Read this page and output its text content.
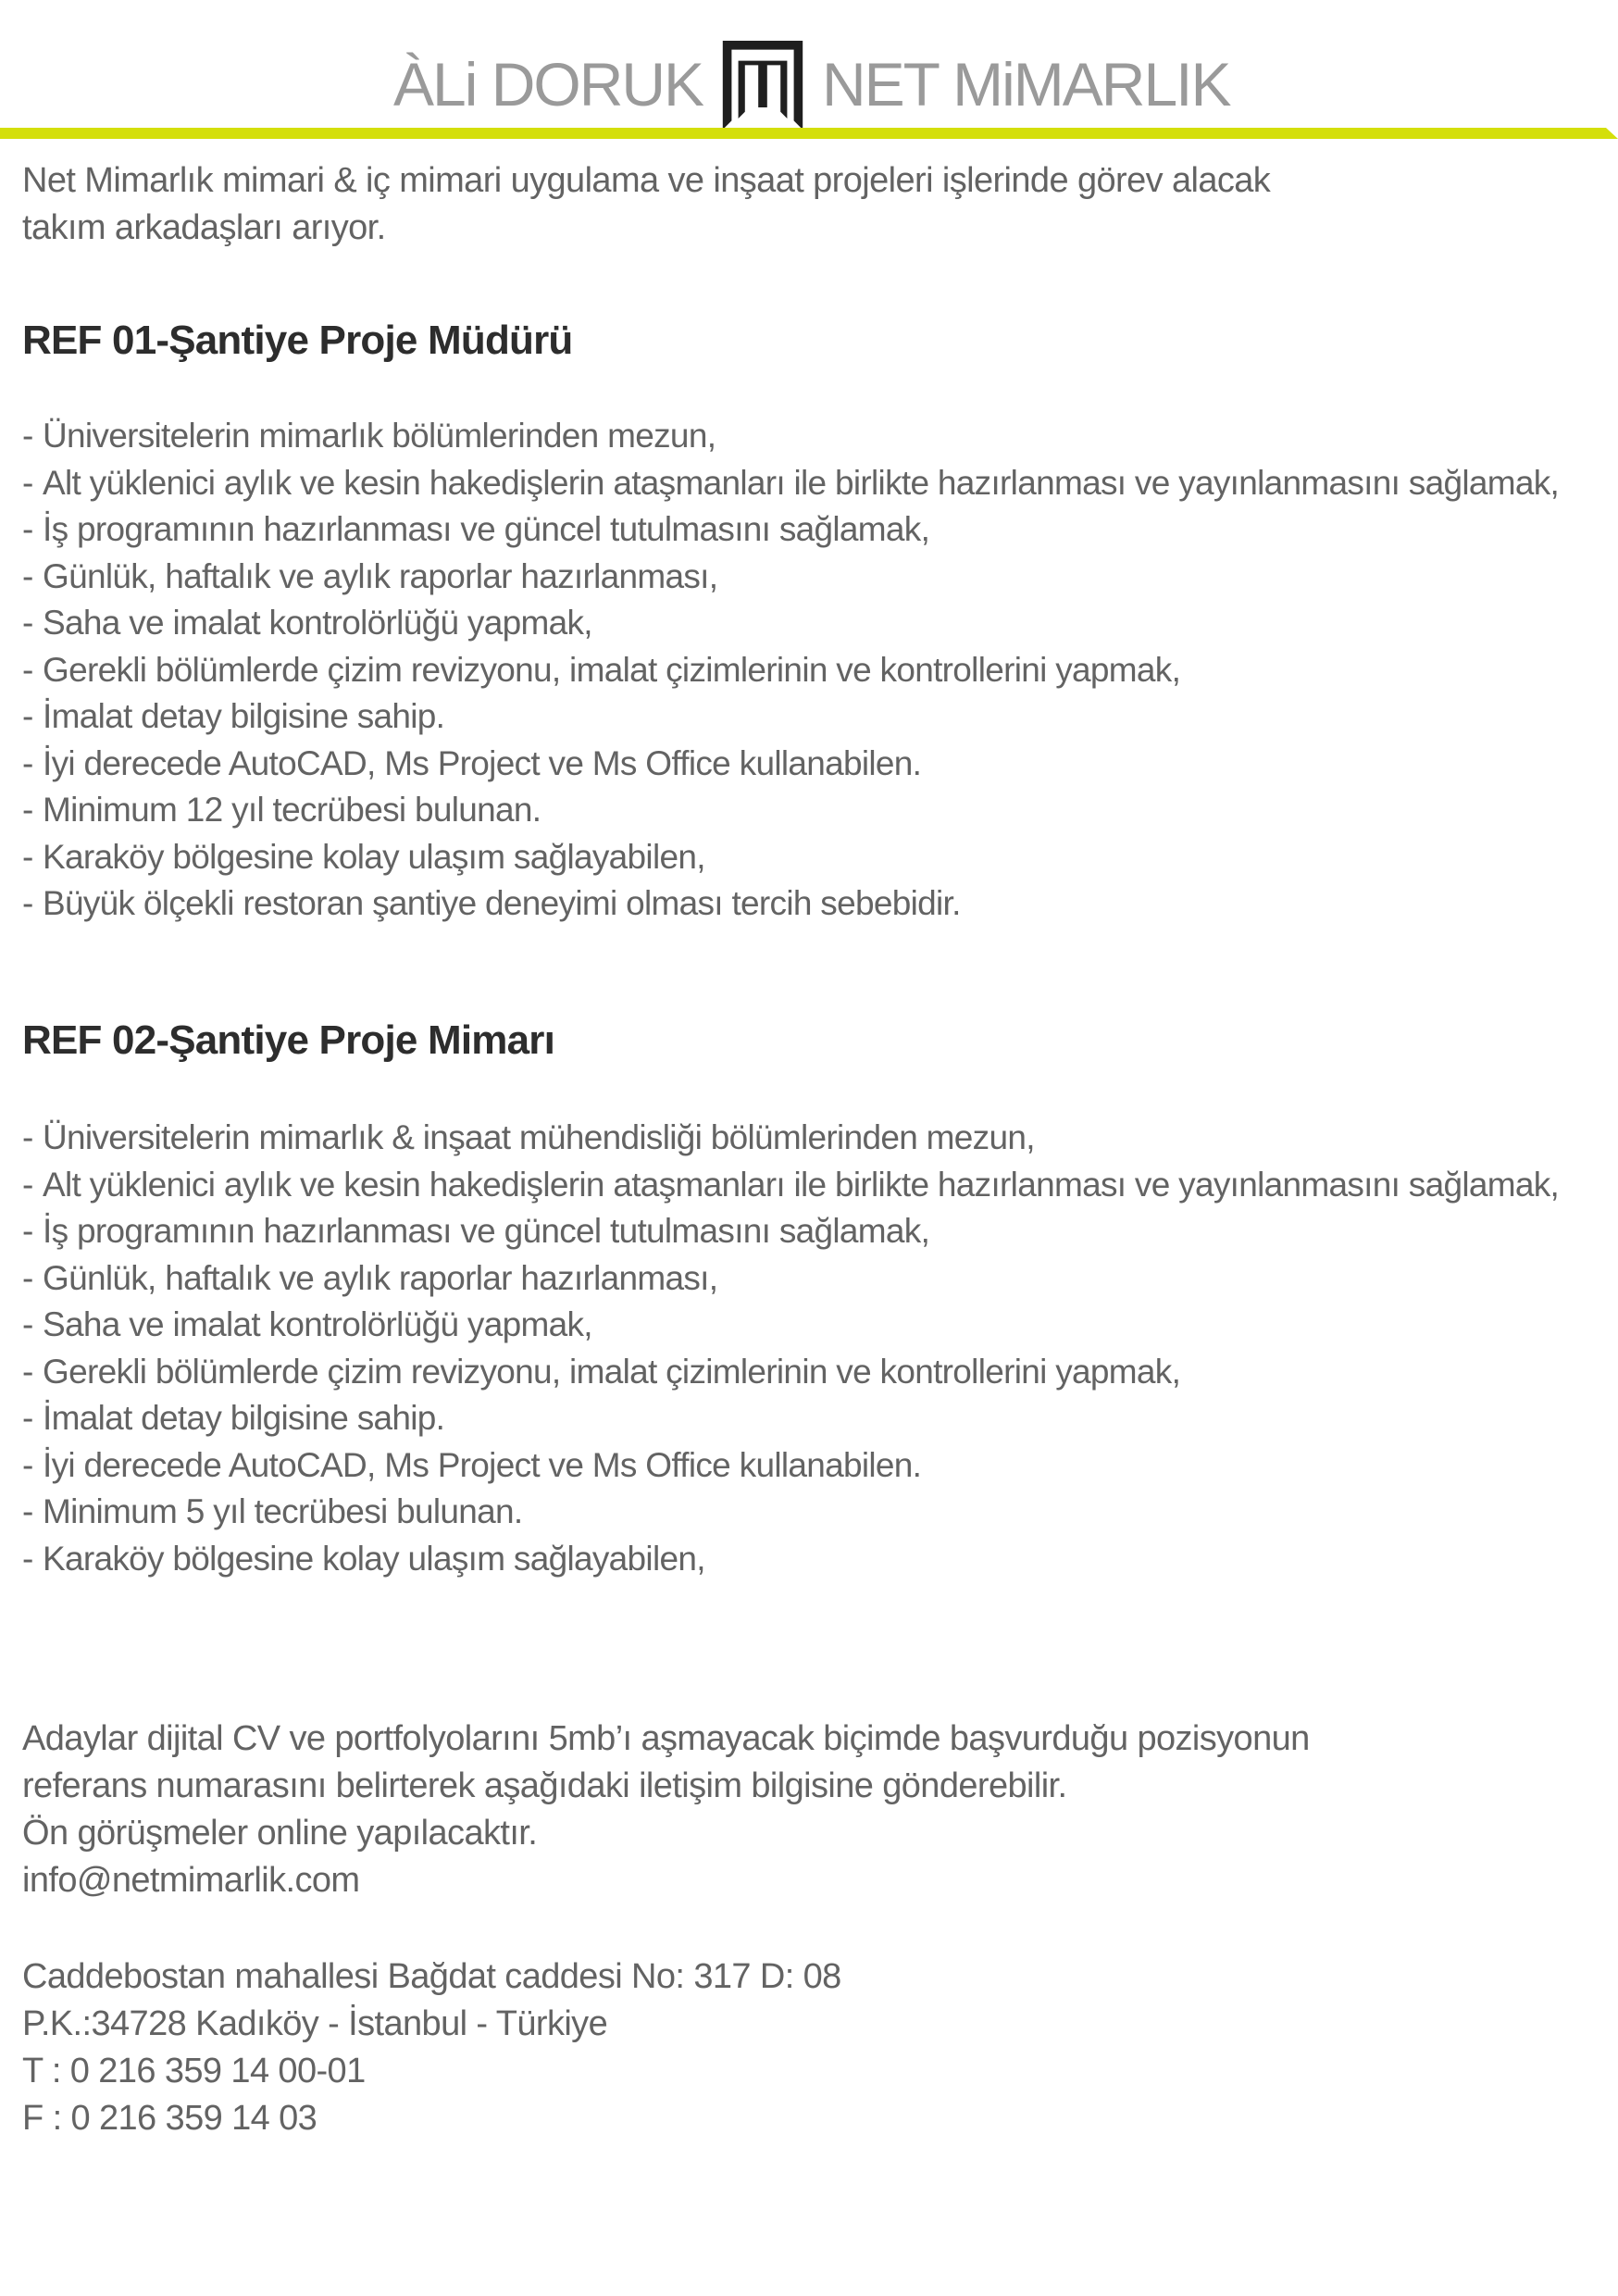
ÀLi DORUK NET MiMARLIK

Net Mimarlık mimari & iç mimari uygulama ve inşaat projeleri işlerinde görev alacak

takım arkadaşları arıyor.

REF 01-Şantiye Proje Müdürü
- Üniversitelerin mimarlık bölümlerinden mezun,
- Alt yüklenici aylık ve kesin hakedişlerin ataşmanları ile birlikte hazırlanması ve yayınlanmasını sağlamak,
- İş programının hazırlanması ve güncel tutulmasını sağlamak,
- Günlük, haftalık ve aylık raporlar hazırlanması,
- Saha ve imalat kontrolörlüğü yapmak,
- Gerekli bölümlerde çizim revizyonu, imalat çizimlerinin ve kontrollerini yapmak,
- İmalat detay bilgisine sahip.
- İyi derecede AutoCAD, Ms Project ve Ms Office kullanabilen.
- Minimum 12 yıl tecrübesi bulunan.
- Karaköy bölgesine kolay ulaşım sağlayabilen,
- Büyük ölçekli restoran şantiye deneyimi olması tercih sebebidir.
REF 02-Şantiye Proje Mimarı
- Üniversitelerin mimarlık & inşaat mühendisliği bölümlerinden mezun,
- Alt yüklenici aylık ve kesin hakedişlerin ataşmanları ile birlikte hazırlanması ve yayınlanmasını sağlamak,
- İş programının hazırlanması ve güncel tutulmasını sağlamak,
- Günlük, haftalık ve aylık raporlar hazırlanması,
- Saha ve imalat kontrolörlüğü yapmak,
- Gerekli bölümlerde çizim revizyonu, imalat çizimlerinin ve kontrollerini yapmak,
- İmalat detay bilgisine sahip.
- İyi derecede AutoCAD, Ms Project ve Ms Office kullanabilen.
- Minimum 5 yıl tecrübesi bulunan.
- Karaköy bölgesine kolay ulaşım sağlayabilen,

Adaylar dijital CV ve portfolyolarını 5mb’ı aşmayacak biçimde başvurduğu pozisyonun

referans numarasını belirterek aşağıdaki iletişim bilgisine gönderebilir.

Ön görüşmeler online yapılacaktır.

info@netmimarlik.com

Caddebostan mahallesi Bağdat caddesi No: 317 D: 08

P.K.:34728 Kadıköy - İstanbul - Türkiye

T : 0 216 359 14 00-01

F : 0 216 359 14 03
